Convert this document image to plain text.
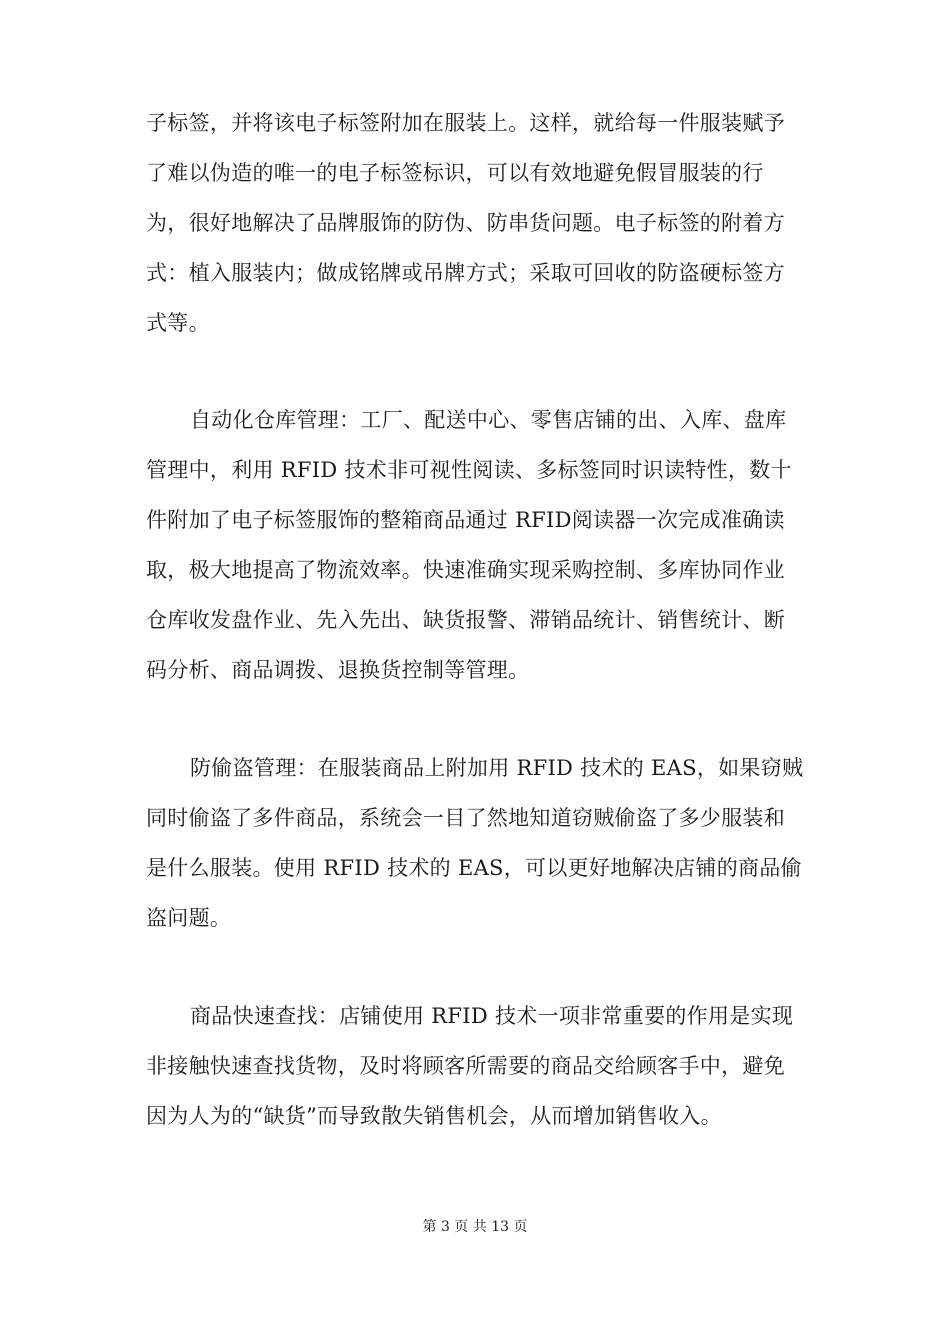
子标签，并将该电子标签附加在服装上。这样，就给每一件服装赋予
了难以伪造的唯一的电子标签标识，可以有效地避免假冒服装的行
为，很好地解决了品牌服饰的防伪、防串货问题。电子标签的附着方
式：植入服装内；做成铭牌或吊牌方式；采取可回收的防盗硬标签方
式等。
自动化仓库管理：工厂、配送中心、零售店铺的出、入库、盘库
管理中，利用 RFID 技术非可视性阅读、多标签同时识读特性，数十
件附加了电子标签服饰的整箱商品通过 RFID阅读器一次完成准确读
取，极大地提高了物流效率。快速准确实现采购控制、多库协同作业
仓库收发盘作业、先入先出、缺货报警、滞销品统计、销售统计、断
码分析、商品调拨、退换货控制等管理。
防偷盗管理：在服装商品上附加用 RFID 技术的 EAS，如果窃贼
同时偷盗了多件商品，系统会一目了然地知道窃贼偷盗了多少服装和
是什么服装。使用 RFID 技术的 EAS，可以更好地解决店铺的商品偷
盗问题。
商品快速查找：店铺使用 RFID 技术一项非常重要的作用是实现
非接触快速查找货物，及时将顾客所需要的商品交给顾客手中，避免
因为人为的“缺货”而导致散失销售机会，从而增加销售收入。
第 3 页 共 13 页
